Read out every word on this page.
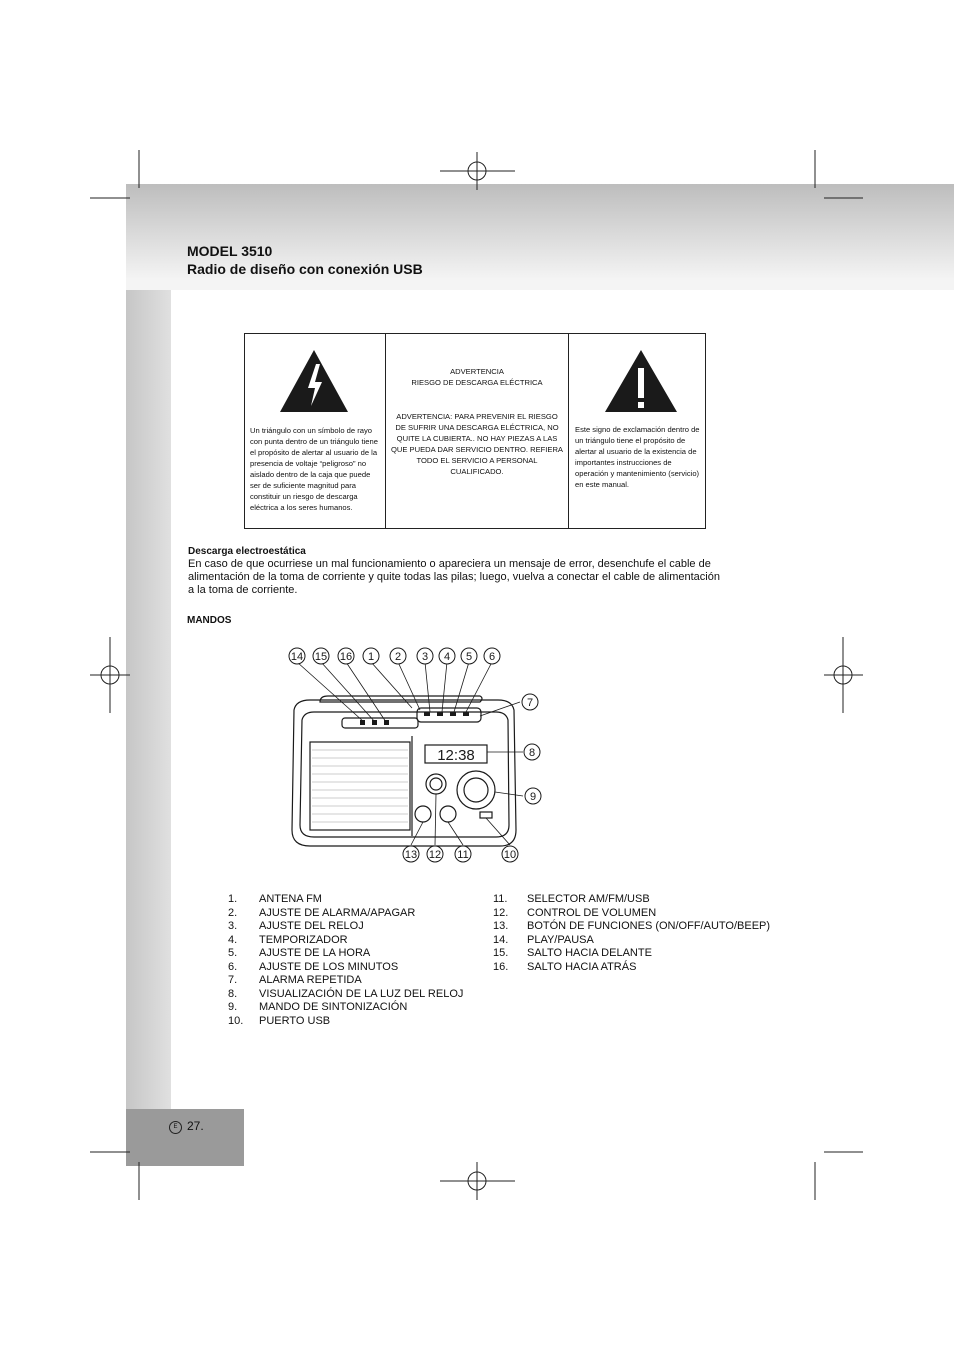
MODEL 3510
Radio de diseño con conexión USB
Un triángulo con un símbolo de rayo con punta dentro de un triángulo tiene el propósito de alertar al usuario de la presencia de voltaje “peligroso” no aislado dentro de la caja que puede ser de suficiente magnitud para constituir un riesgo de descarga eléctrica a los seres humanos.
ADVERTENCIA
RIESGO DE DESCARGA ELÉCTRICA
ADVERTENCIA: PARA PREVENIR EL RIESGO DE SUFRIR UNA DESCARGA ELÉCTRICA, NO QUITE LA CUBIERTA.. NO HAY PIEZAS A LAS QUE PUEDA DAR SERVICIO DENTRO. REFIERA TODO EL SERVICIO A PERSONAL CUALIFICADO.
Este signo de exclamación dentro de un triángulo tiene el propósito de alertar al usuario de la existencia de importantes instrucciones de operación y mantenimiento (servicio) en este manual.
Descarga electroestática
En caso de que ocurriese un mal funcionamiento o apareciera un mensaje de error, desenchufe el cable de
alimentación de la toma de corriente y quite todas las pilas; luego, vuelva a conectar el cable de alimentación
a la toma de corriente.
MANDOS
12:38
14 15 16 1 2 3 4	6
7
8
9
13 12 11	10
5
1. ANTENA FM
2. AJUSTE DE ALARMA/APAGAR
3. AJUSTE DEL RELOJ
4. TEMPORIZADOR
5. AJUSTE DE LA HORA
6. AJUSTE DE LOS MINUTOS
7. ALARMA REPETIDA
8. VISUALIZACIÓN DE LA LUZ DEL RELOJ
9. MANDO DE SINTONIZACIÓN
10. PUERTO USB
11. SELECTOR AM/FM/USB
12. CONTROL DE VOLUMEN
13. BOTÓN DE FUNCIONES (ON/OFF/AUTO/BEEP)
14. PLAY/PAUSA
15. SALTO HACIA DELANTE
16. SALTO HACIA ATRÁS
E 27.
